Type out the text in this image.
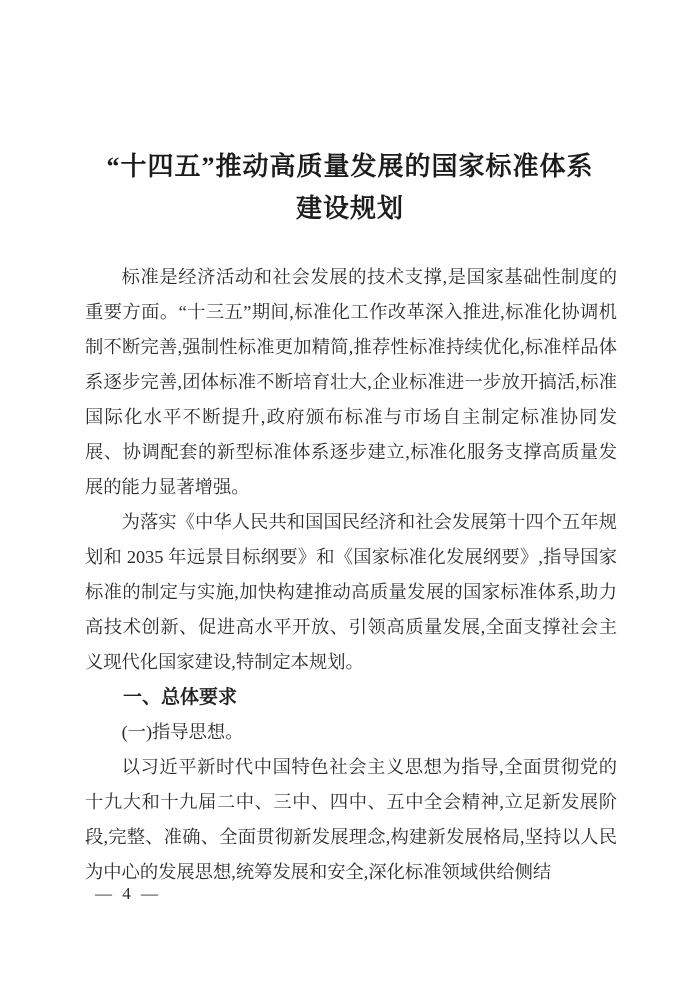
“十四五”推动高质量发展的国家标准体系
建设规划

标准是经济活动和社会发展的技术支撑,是国家基础性制度的重要方面。“十三五”期间,标准化工作改革深入推进,标准化协调机制不断完善,强制性标准更加精简,推荐性标准持续优化,标准样品体系逐步完善,团体标准不断培育壮大,企业标准进一步放开搞活,标准国际化水平不断提升,政府颁布标准与市场自主制定标准协同发展、协调配套的新型标准体系逐步建立,标准化服务支撑高质量发展的能力显著增强。

为落实《中华人民共和国国民经济和社会发展第十四个五年规划和 2035 年远景目标纲要》和《国家标准化发展纲要》,指导国家标准的制定与实施,加快构建推动高质量发展的国家标准体系,助力高技术创新、促进高水平开放、引领高质量发展,全面支撑社会主义现代化国家建设,特制定本规划。

一、总体要求
(一)指导思想。

以习近平新时代中国特色社会主义思想为指导,全面贯彻党的十九大和十九届二中、三中、四中、五中全会精神,立足新发展阶段,完整、准确、全面贯彻新发展理念,构建新发展格局,坚持以人民为中心的发展思想,统筹发展和安全,深化标准领域供给侧结

— 4 —
